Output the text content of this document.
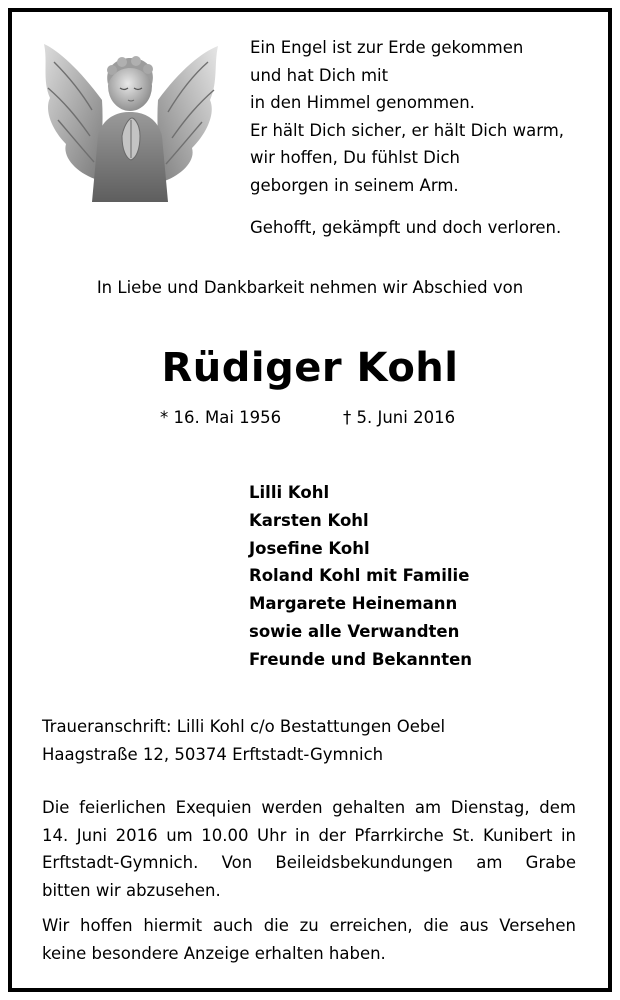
Ein Engel ist zur Erde gekommen
und hat Dich mit
in den Himmel genommen.
Er hält Dich sicher, er hält Dich warm,
wir hoffen, Du fühlst Dich
geborgen in seinem Arm.
Gehofft, gekämpft und doch verloren.
In Liebe und Dankbarkeit nehmen wir Abschied von
Rüdiger Kohl
* 16. Mai 1956	† 5. Juni 2016
Lilli Kohl
Karsten Kohl
Josefine Kohl
Roland Kohl mit Familie
Margarete Heinemann
sowie alle Verwandten
Freunde und Bekannten
Traueranschrift: Lilli Kohl c/o Bestattungen Oebel
Haagstraße 12, 50374 Erftstadt-Gymnich
Die feierlichen Exequien werden gehalten am Dienstag, dem
14. Juni 2016 um 10.00 Uhr in der Pfarrkirche St. Kunibert in
Erftstadt-Gymnich. Von Beileidsbekundungen am Grabe
bitten wir abzusehen.
Wir hoffen hiermit auch die zu erreichen, die aus Versehen
keine besondere Anzeige erhalten haben.
